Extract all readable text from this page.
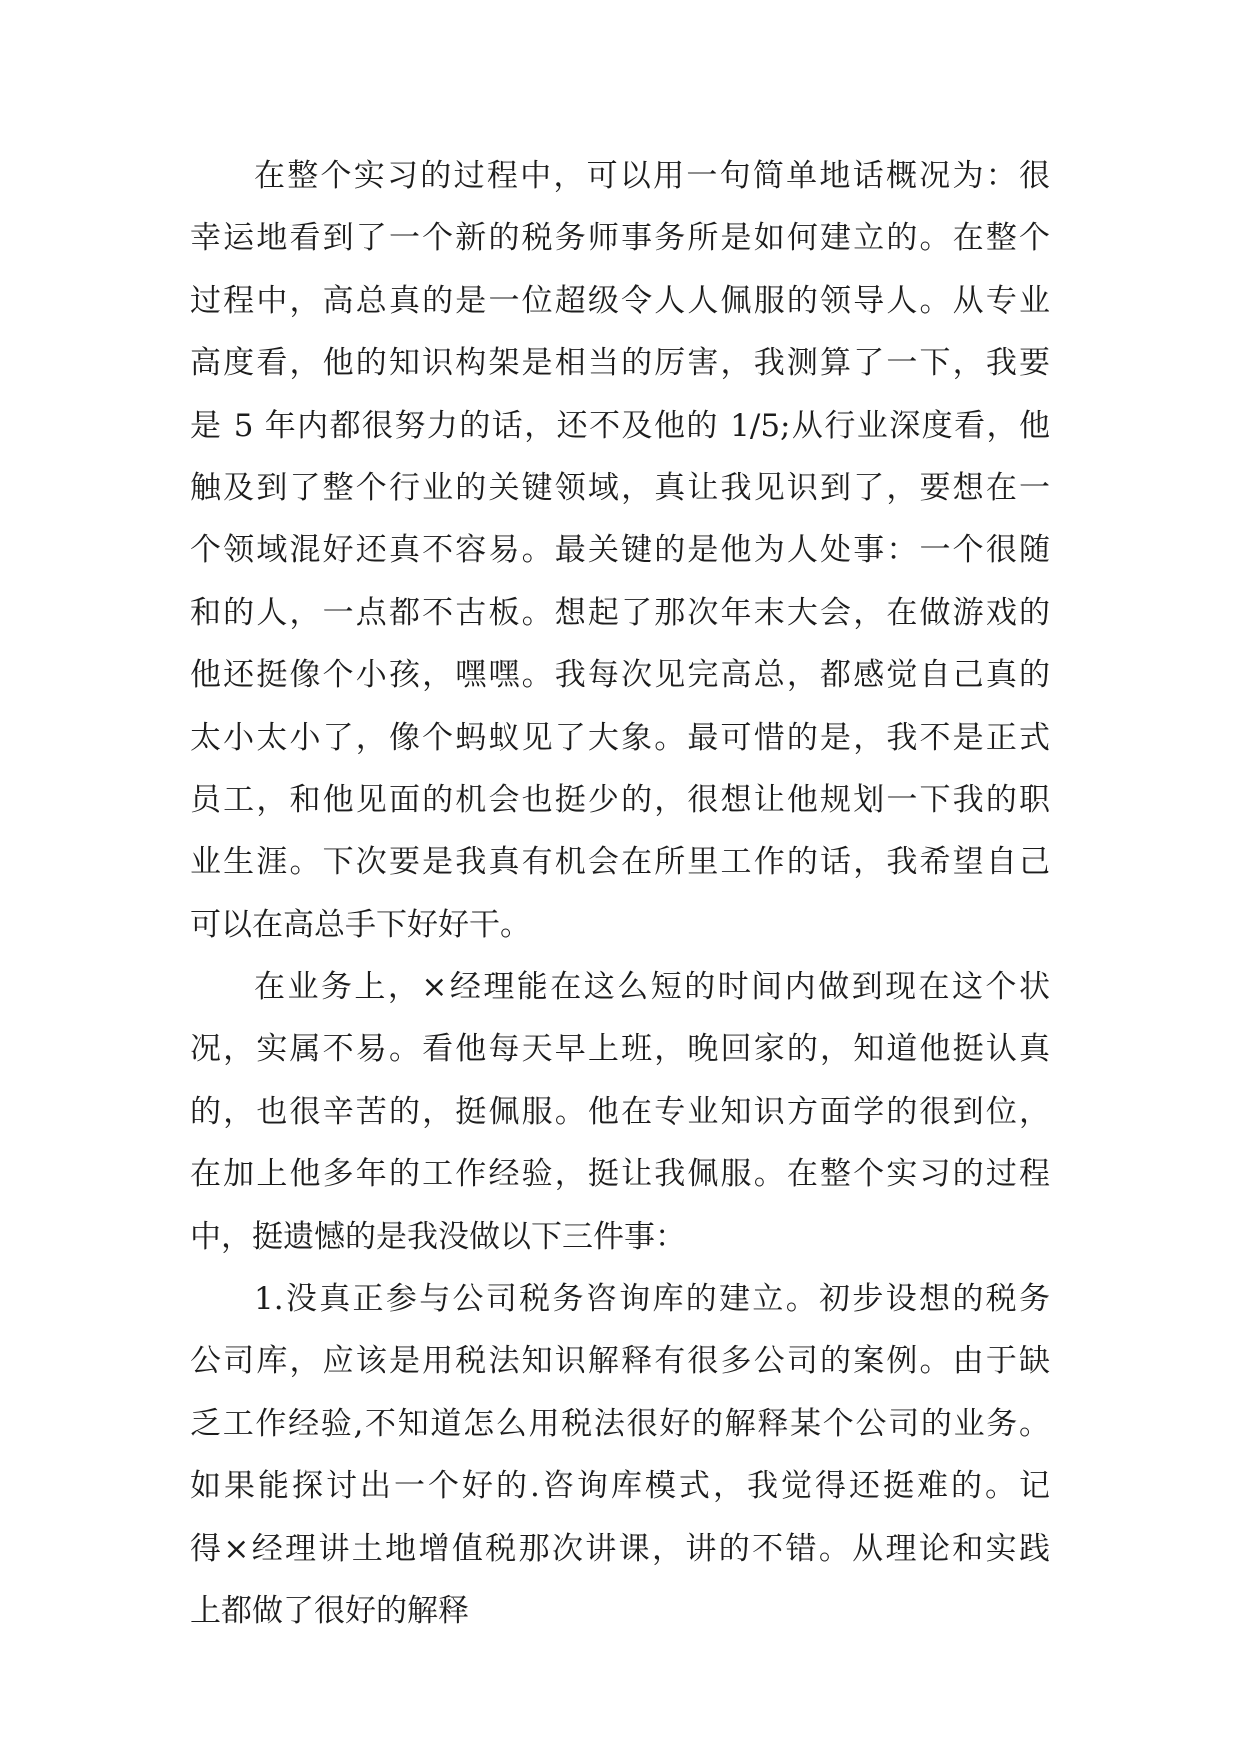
在整个实习的过程中，可以用一句简单地话概况为：很
幸运地看到了一个新的税务师事务所是如何建立的。在整个
过程中，高总真的是一位超级令人人佩服的领导人。从专业
高度看，他的知识构架是相当的厉害，我测算了一下，我要
是 5 年内都很努力的话，还不及他的 1/5;从行业深度看，他
触及到了整个行业的关键领域，真让我见识到了，要想在一
个领域混好还真不容易。最关键的是他为人处事：一个很随
和的人，一点都不古板。想起了那次年末大会，在做游戏的
他还挺像个小孩，嘿嘿。我每次见完高总，都感觉自己真的
太小太小了，像个蚂蚁见了大象。最可惜的是，我不是正式
员工，和他见面的机会也挺少的，很想让他规划一下我的职
业生涯。下次要是我真有机会在所里工作的话，我希望自己
可以在高总手下好好干。
在业务上，×经理能在这么短的时间内做到现在这个状
况，实属不易。看他每天早上班，晚回家的，知道他挺认真
的，也很辛苦的，挺佩服。他在专业知识方面学的很到位，
在加上他多年的工作经验，挺让我佩服。在整个实习的过程
中，挺遗憾的是我没做以下三件事：
1.没真正参与公司税务咨询库的建立。初步设想的税务
公司库，应该是用税法知识解释有很多公司的案例。由于缺
乏工作经验,不知道怎么用税法很好的解释某个公司的业务。
如果能探讨出一个好的.咨询库模式，我觉得还挺难的。记
得×经理讲土地增值税那次讲课，讲的不错。从理论和实践
上都做了很好的解释
